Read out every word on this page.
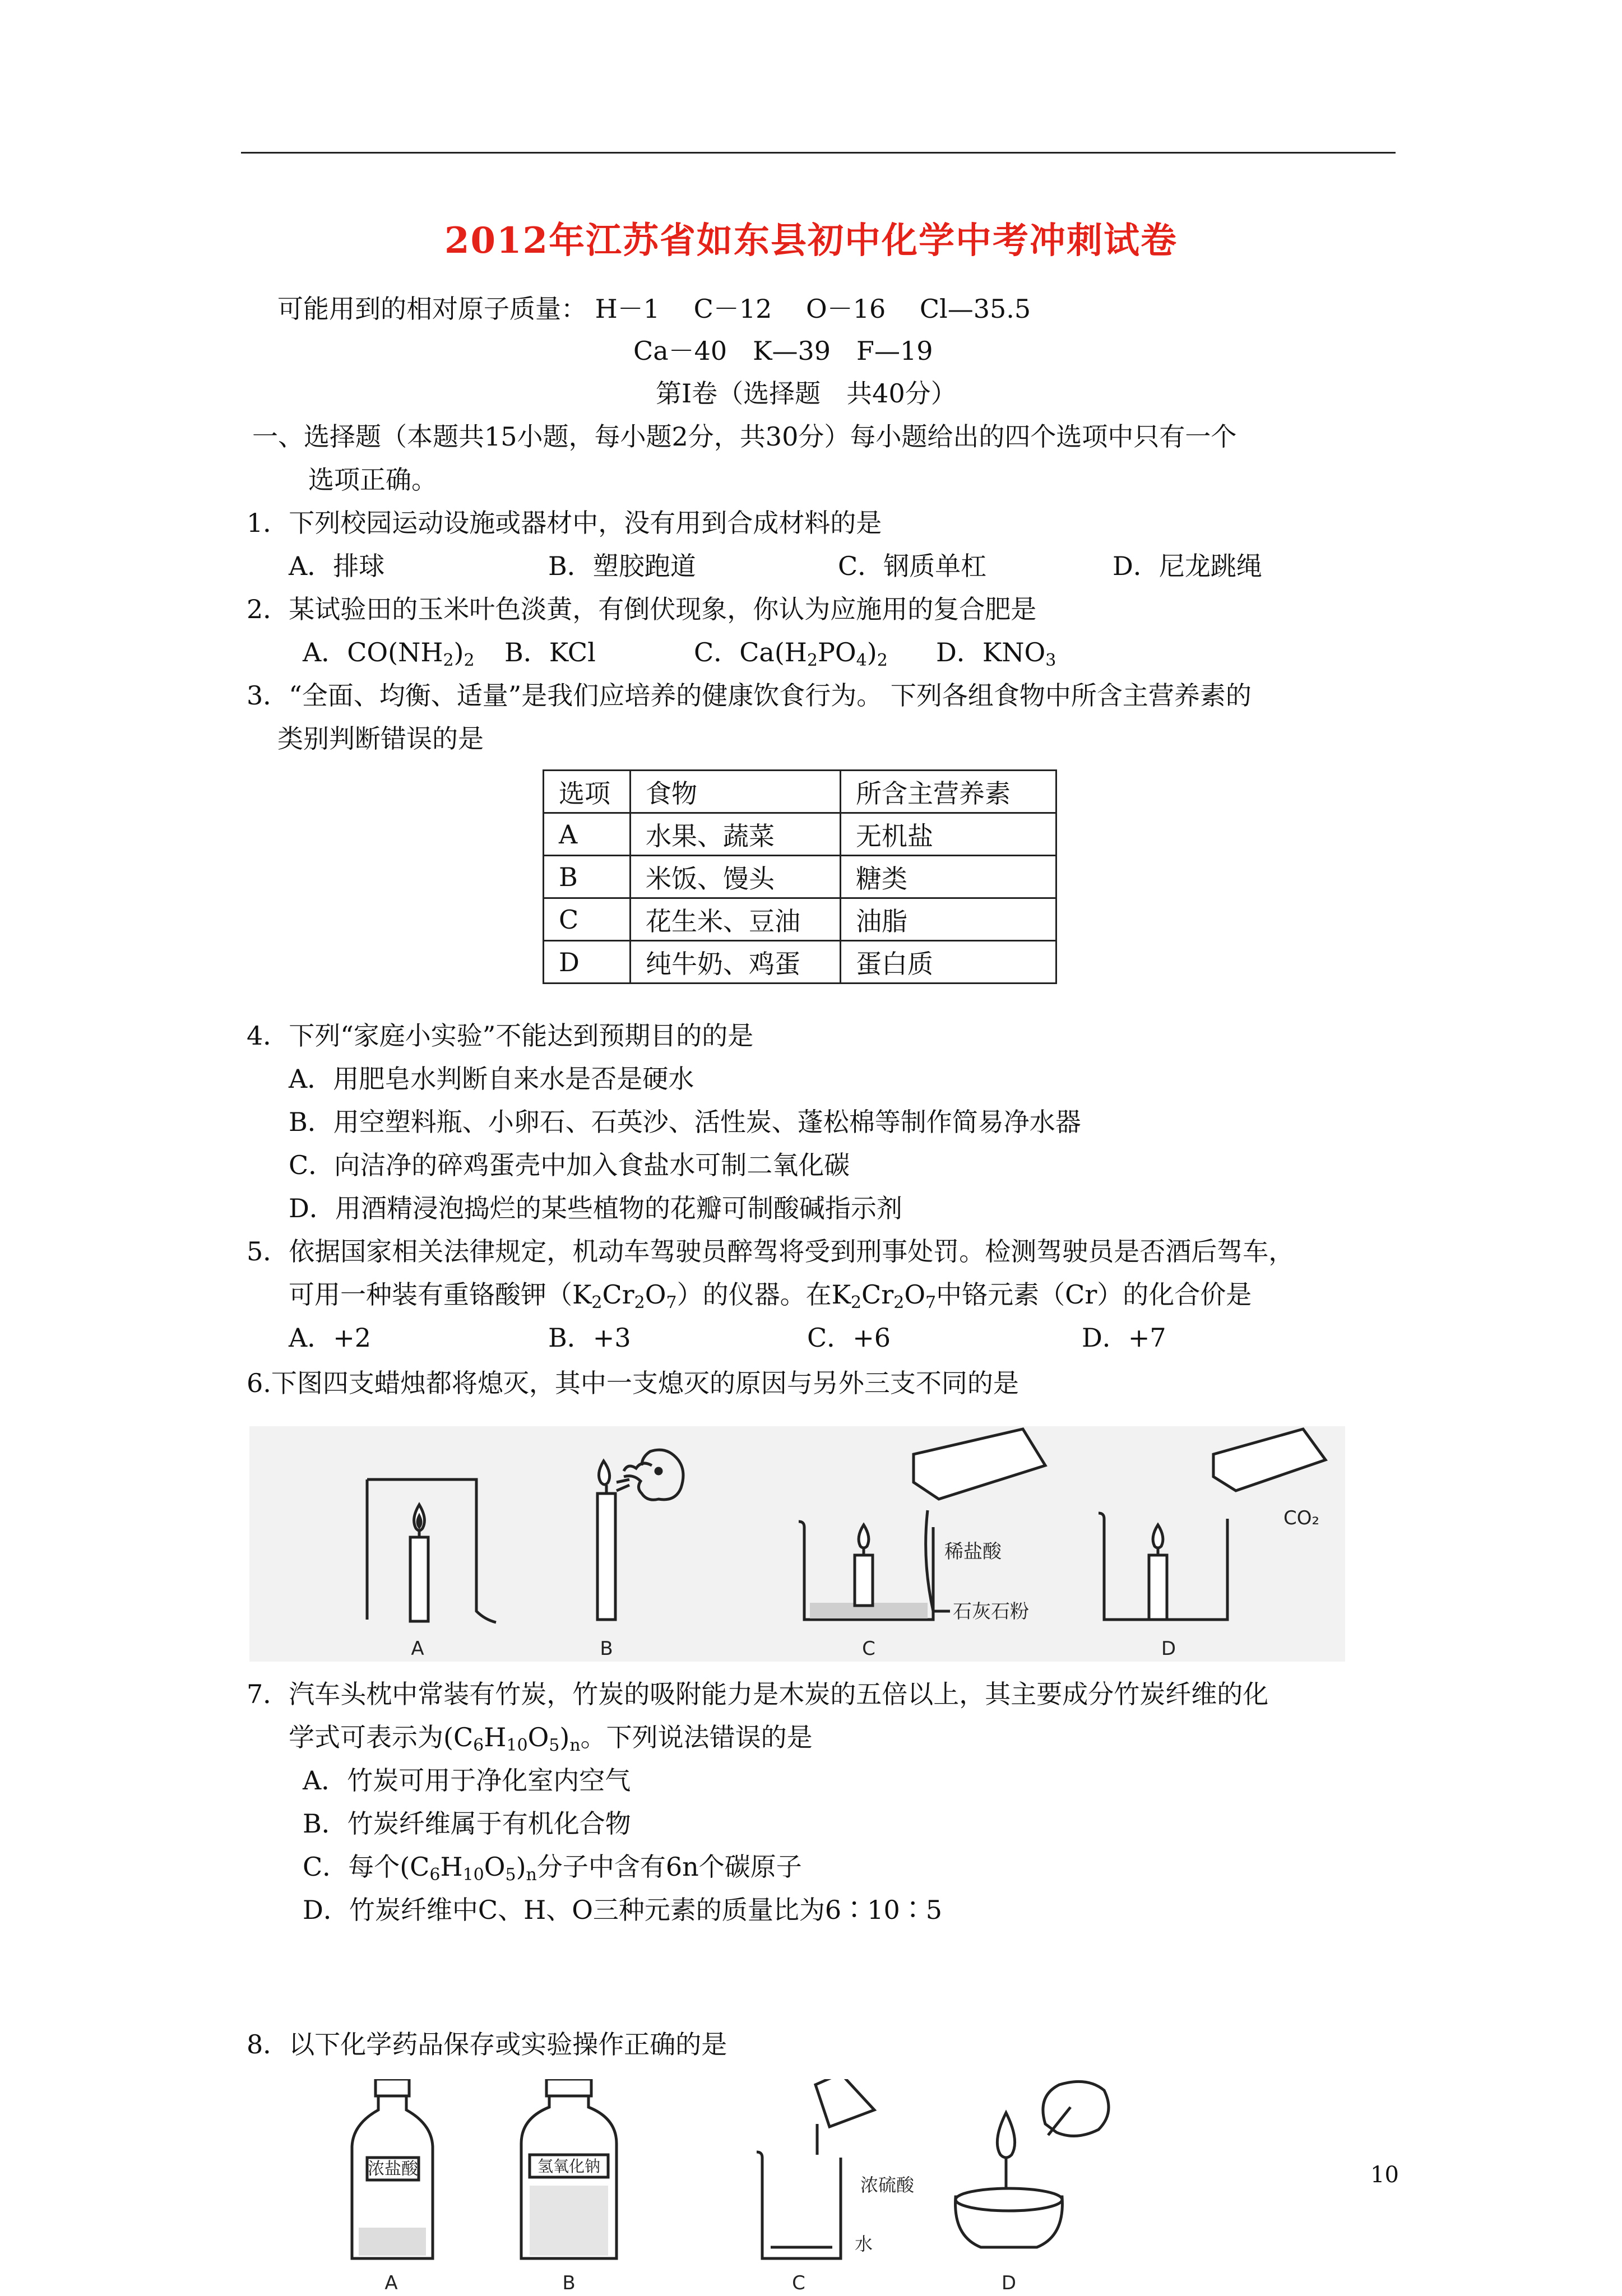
2012年江苏省如东县初中化学中考冲刺试卷
可能用到的相对原子质量： H－1　 C－12　 O－16　 Cl—35.5
Ca－40　K—39　F—19
第Ⅰ卷（选择题　共40分）
一、选择题（本题共15小题，每小题2分，共30分）每小题给出的四个选项中只有一个
选项正确。
1．下列校园运动设施或器材中，没有用到合成材料的是
A．排球	B．塑胶跑道	C．钢质单杠	D．尼龙跳绳
2．某试验田的玉米叶色淡黄，有倒伏现象，你认为应施用的复合肥是
A．$CO(NH_2)_2$ B．KCl	C．$Ca(H_2PO_4)_2$ D．$KNO_3$
3．“全面、均衡、适量”是我们应培养的健康饮食行为。 下列各组食物中所含主营养素的
类别判断错误的是
选项	食物	所含主营养素
A	水果、蔬菜	无机盐
B	米饭、馒头	糖类
C	花生米、豆油	油脂
D	纯牛奶、鸡蛋	蛋白质
4．下列“家庭小实验”不能达到预期目的的是
A．用肥皂水判断自来水是否是硬水
B．用空塑料瓶、小卵石、石英沙、活性炭、蓬松棉等制作简易净水器
C．向洁净的碎鸡蛋壳中加入食盐水可制二氧化碳
D．用酒精浸泡捣烂的某些植物的花瓣可制酸碱指示剂
5．依据国家相关法律规定，机动车驾驶员醉驾将受到刑事处罚。检测驾驶员是否酒后驾车，
可用一种装有重铬酸钾$(K_2Cr_2O_7)$的仪器。在$K_2Cr_2O_7$中铬元素（Cr）的化合价是
A．+2	B．+3	C．+6	D．+7
6.下图四支蜡烛都将熄灭，其中一支熄灭的原因与另外三支不同的是
A	B	C	D
稀盐酸
石灰石粉
CO₂
7．汽车头枕中常装有竹炭，竹炭的吸附能力是木炭的五倍以上，其主要成分竹炭纤维的化
学式可表示为$(C_6H_{10}O_5)_n$。下列说法错误的是
A．竹炭可用于净化室内空气
B．竹炭纤维属于有机化合物
C．每个$(C_6H_{10}O_5)_n$分子中含有6n个碳原子
D．竹炭纤维中C、H、O三种元素的质量比为6∶10∶5
8．以下化学药品保存或实验操作正确的是
浓盐酸	氢氧化钠
浓硫酸
水
A	B	C	D
10
